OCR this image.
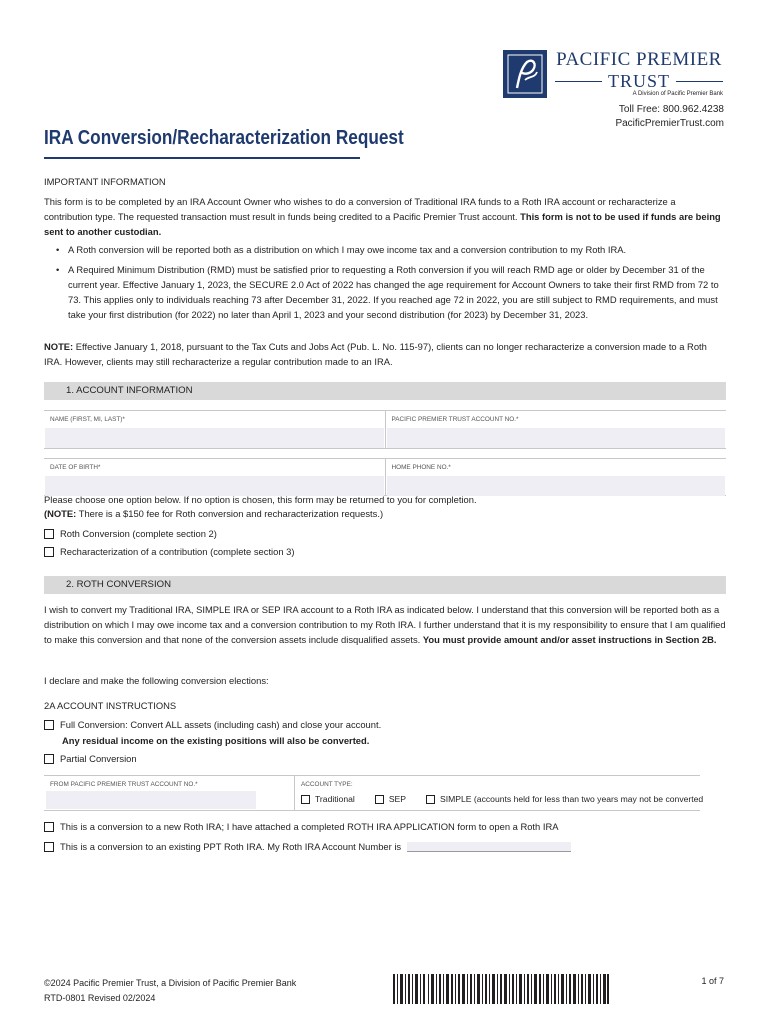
PACIFIC PREMIER
TRUST
A Division of Pacific Premier Bank
Toll Free: 800.962.4238
PacificPremierTrust.com
IRA Conversion/Recharacterization Request
IMPORTANT INFORMATION
This form is to be completed by an IRA Account Owner who wishes to do a conversion of Traditional IRA funds to a Roth IRA account or recharacterize a contribution type. The requested transaction must result in funds being credited to a Pacific Premier Trust account. This form is not to be used if funds are being sent to another custodian.
• A Roth conversion will be reported both as a distribution on which I may owe income tax and a conversion contribution to my Roth IRA.
• A Required Minimum Distribution (RMD) must be satisfied prior to requesting a Roth conversion if you will reach RMD age or older by December 31 of the current year. Effective January 1, 2023, the SECURE 2.0 Act of 2022 has changed the age requirement for Account Owners to take their first RMD from 72 to 73. This applies only to individuals reaching 73 after December 31, 2022. If you reached age 72 in 2022, you are still subject to RMD requirements, and must take your first distribution (for 2022) no later than April 1, 2023 and your second distribution (for 2023) by December 31, 2023.
NOTE: Effective January 1, 2018, pursuant to the Tax Cuts and Jobs Act (Pub. L. No. 115-97), clients can no longer recharacterize a conversion made to a Roth IRA. However, clients may still recharacterize a regular contribution made to an IRA.
1. ACCOUNT INFORMATION
NAME (FIRST, MI, LAST)*	PACIFIC PREMIER TRUST ACCOUNT NO.*
DATE OF BIRTH*	HOME PHONE NO.*
Please choose one option below. If no option is chosen, this form may be returned to you for completion.
(NOTE: There is a $150 fee for Roth conversion and recharacterization requests.)
Roth Conversion (complete section 2)
Recharacterization of a contribution (complete section 3)
2. ROTH CONVERSION
I wish to convert my Traditional IRA, SIMPLE IRA or SEP IRA account to a Roth IRA as indicated below. I understand that this conversion will be reported both as a distribution on which I may owe income tax and a conversion contribution to my Roth IRA. I further understand that it is my responsibility to ensure that I am qualified to make this conversion and that none of the conversion assets include disqualified assets. You must provide amount and/or asset instructions in Section 2B.
I declare and make the following conversion elections:
2A ACCOUNT INSTRUCTIONS
Full Conversion: Convert ALL assets (including cash) and close your account.
Any residual income on the existing positions will also be converted.
Partial Conversion
FROM PACIFIC PREMIER TRUST ACCOUNT NO.*	ACCOUNT TYPE:
Traditional	SEP	SIMPLE (accounts held for less than two years may not be converted
This is a conversion to a new Roth IRA; I have attached a completed ROTH IRA APPLICATION form to open a Roth IRA
This is a conversion to an existing PPT Roth IRA. My Roth IRA Account Number is
©2024 Pacific Premier Trust, a Division of Pacific Premier Bank
RTD-0801 Revised 02/2024
1 of 7
